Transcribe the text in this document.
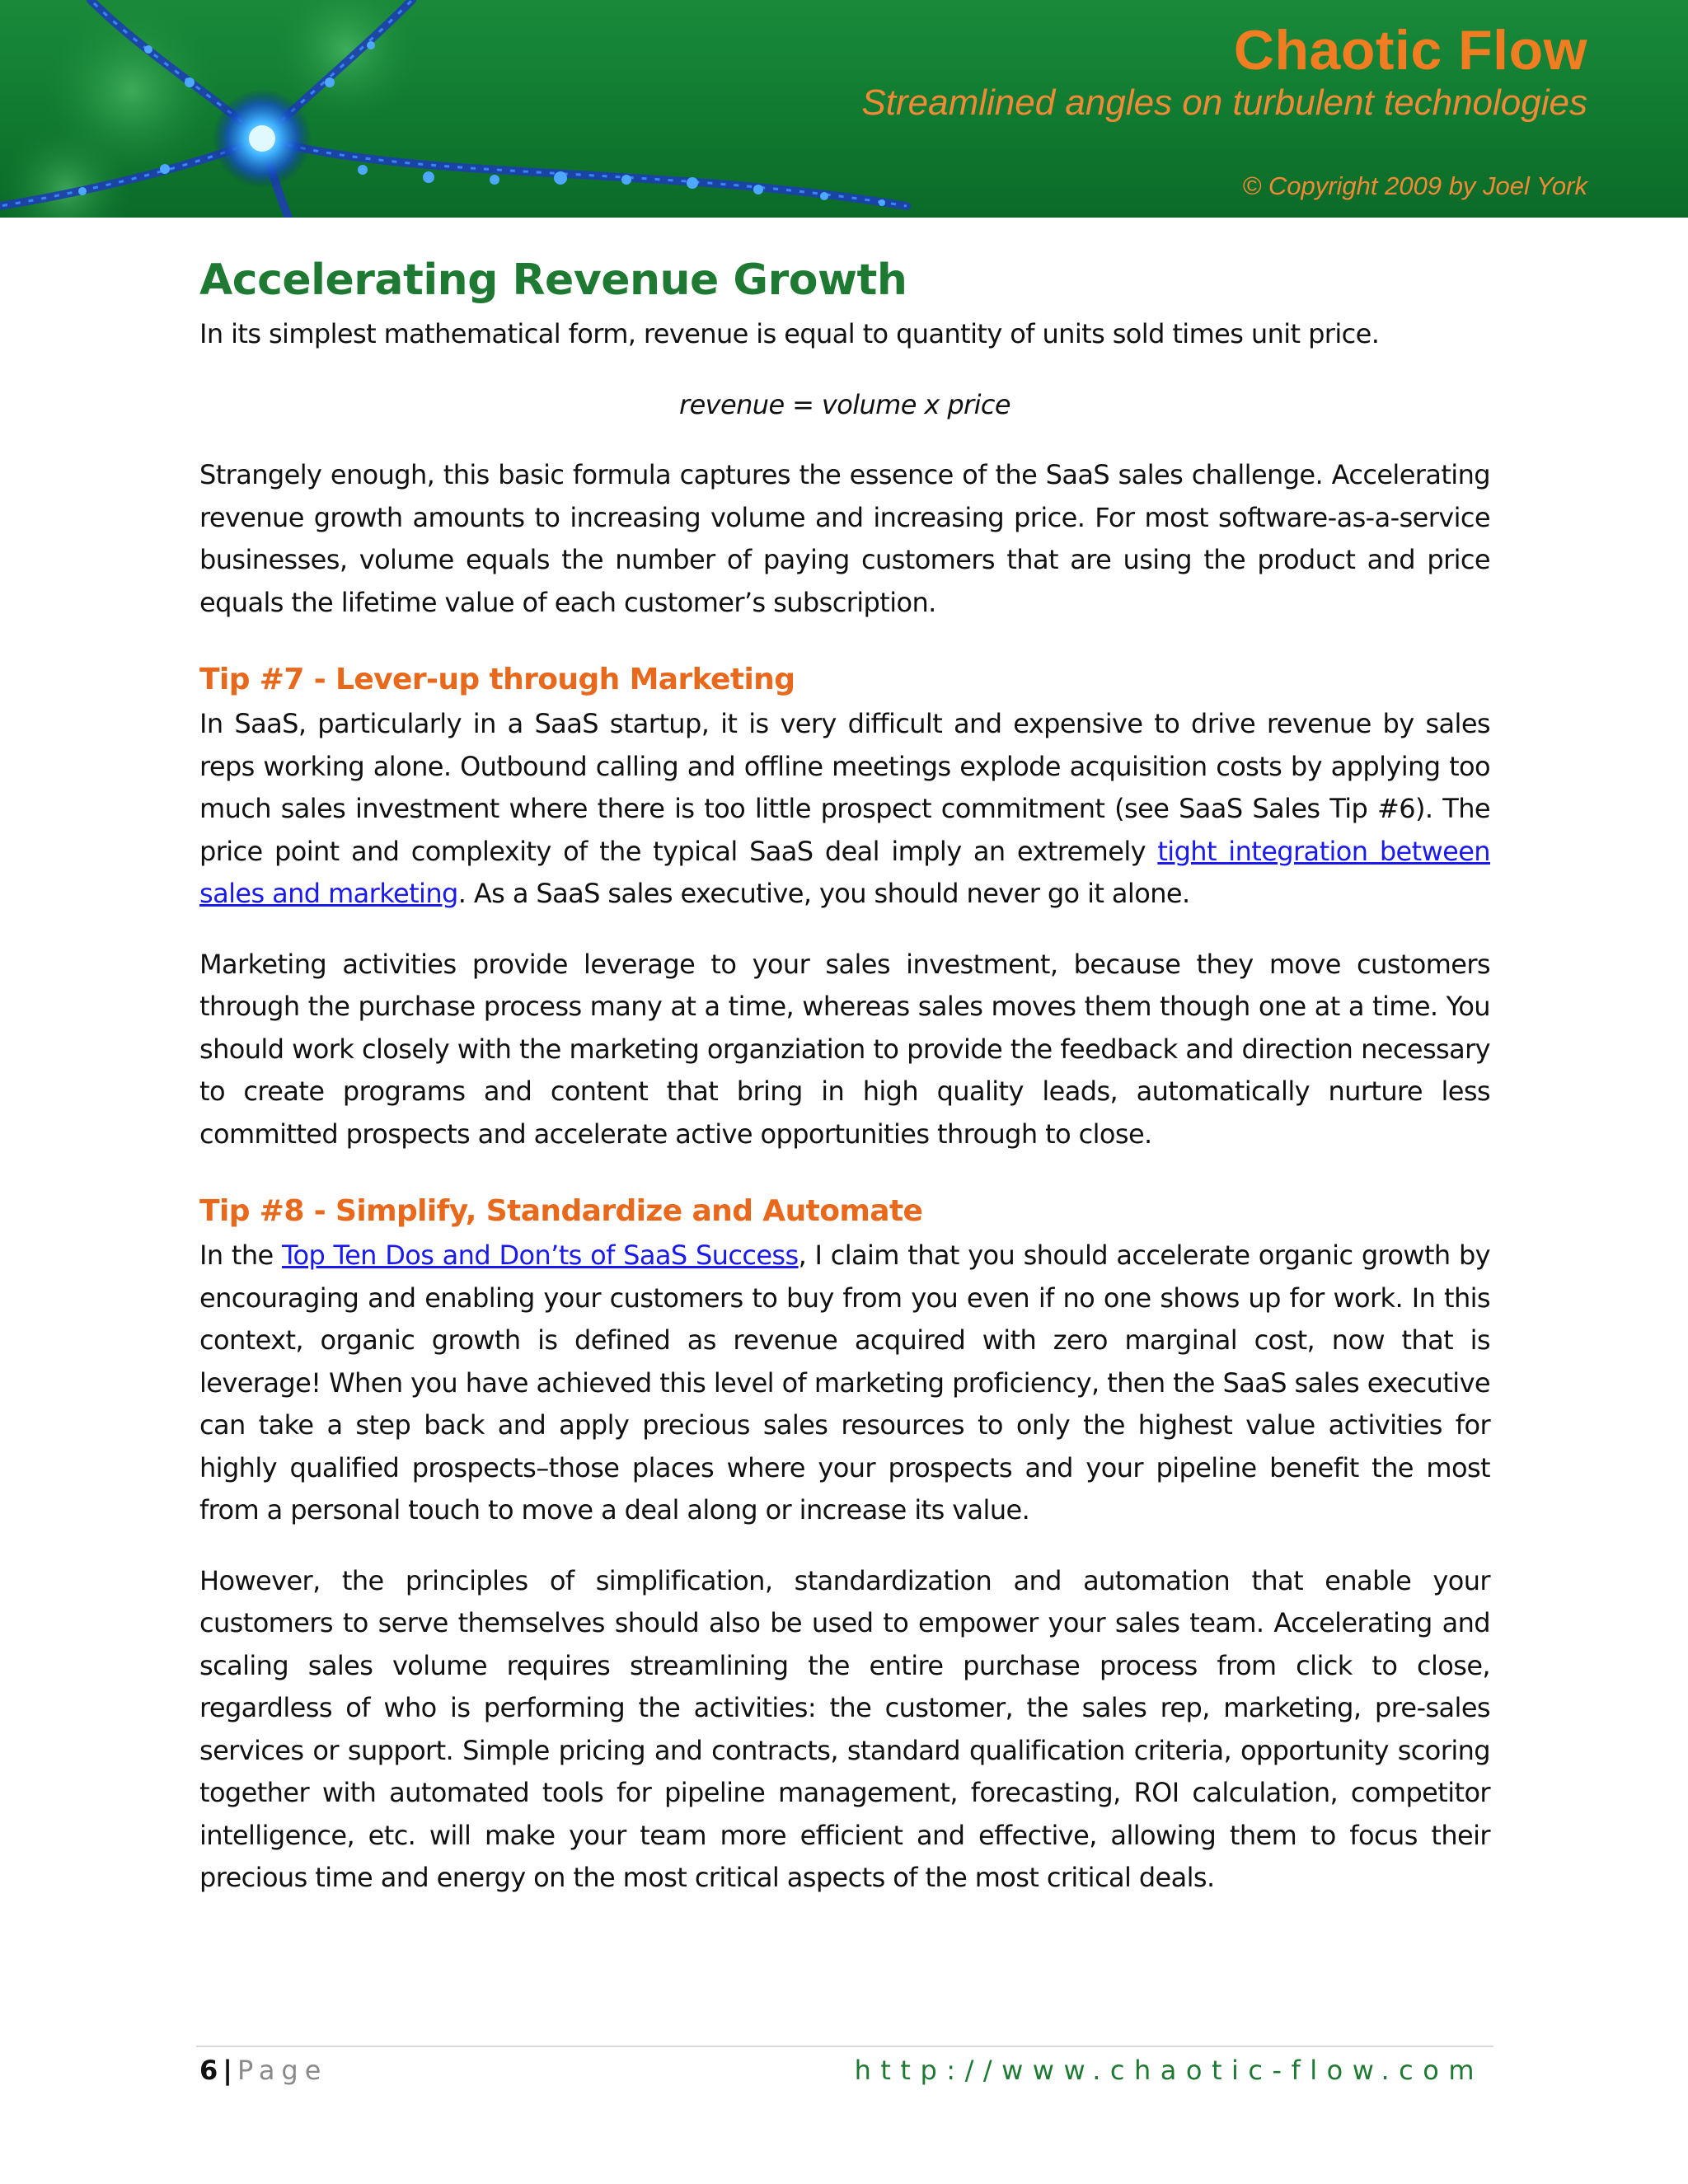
Chaotic Flow
Streamlined angles on turbulent technologies
© Copyright 2009 by Joel York
Accelerating Revenue Growth

In its simplest mathematical form, revenue is equal to quantity of units sold times unit price.

revenue = volume x price

Strangely enough, this basic formula captures the essence of the SaaS sales challenge. Accelerating revenue growth amounts to increasing volume and increasing price. For most software-as-a-service businesses, volume equals the number of paying customers that are using the product and price equals the lifetime value of each customer’s subscription.

Tip #7 - Lever-up through Marketing

In SaaS, particularly in a SaaS startup, it is very difficult and expensive to drive revenue by sales reps working alone. Outbound calling and offline meetings explode acquisition costs by applying too much sales investment where there is too little prospect commitment (see SaaS Sales Tip #6). The price point and complexity of the typical SaaS deal imply an extremely tight integration between sales and marketing. As a SaaS sales executive, you should never go it alone.

Marketing activities provide leverage to your sales investment, because they move customers through the purchase process many at a time, whereas sales moves them though one at a time. You should work closely with the marketing organziation to provide the feedback and direction necessary to create programs and content that bring in high quality leads, automatically nurture less committed prospects and accelerate active opportunities through to close.

Tip #8 - Simplify, Standardize and Automate

In the Top Ten Dos and Don’ts of SaaS Success, I claim that you should accelerate organic growth by encouraging and enabling your customers to buy from you even if no one shows up for work. In this context, organic growth is defined as revenue acquired with zero marginal cost, now that is leverage! When you have achieved this level of marketing proficiency, then the SaaS sales executive can take a step back and apply precious sales resources to only the highest value activities for highly qualified prospects–those places where your prospects and your pipeline benefit the most from a personal touch to move a deal along or increase its value.

However, the principles of simplification, standardization and automation that enable your customers to serve themselves should also be used to empower your sales team. Accelerating and scaling sales volume requires streamlining the entire purchase process from click to close, regardless of who is performing the activities: the customer, the sales rep, marketing, pre-sales services or support. Simple pricing and contracts, standard qualification criteria, opportunity scoring together with automated tools for pipeline management, forecasting, ROI calculation, competitor intelligence, etc. will make your team more efficient and effective, allowing them to focus their precious time and energy on the most critical aspects of the most critical deals.

6 | Page	http://www.chaotic-flow.com
